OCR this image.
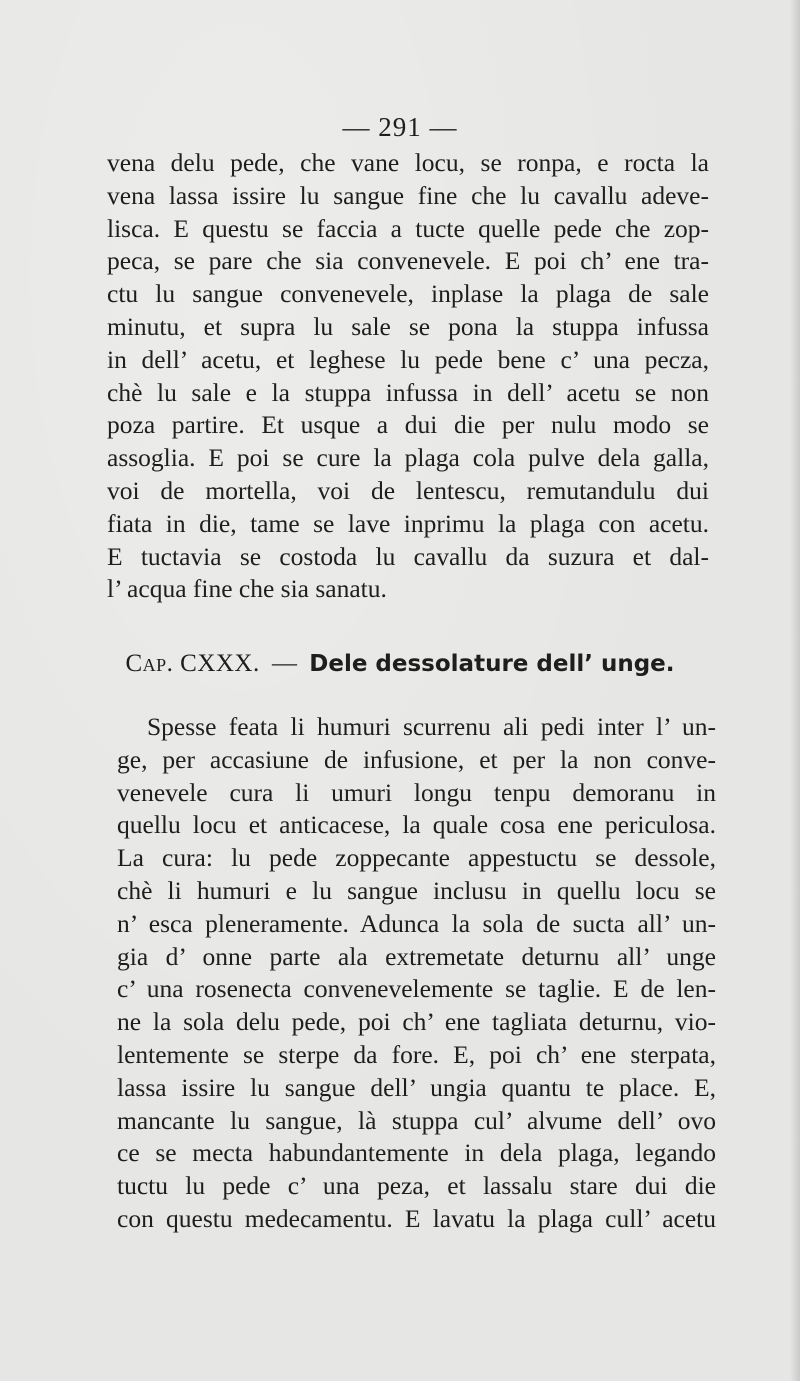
— 291 —
vena delu pede, che vane locu, se ronpa, e rocta la
vena lassa issire lu sangue fine che lu cavallu adeve-
lisca. E questu se faccia a tucte quelle pede che zop-
peca, se pare che sia convenevele. E poi ch’ ene tra-
ctu lu sangue convenevele, inplase la plaga de sale
minutu, et supra lu sale se pona la stuppa infussa
in dell’ acetu, et leghese lu pede bene c’ una pecza,
chè lu sale e la stuppa infussa in dell’ acetu se non
poza partire. Et usque a dui die per nulu modo se
assoglia. E poi se cure la plaga cola pulve dela galla,
voi de mortella, voi de lentescu, remutandulu dui
fiata in die, tame se lave inprimu la plaga con acetu.
E tuctavia se costoda lu cavallu da suzura et dal-
l’ acqua fine che sia sanatu.
Cap. CXXX. — Dele dessolature dell’ unge.
Spesse feata li humuri scurrenu ali pedi inter l’ un-
ge, per accasiune de infusione, et per la non conve-
venevele cura li umuri longu tenpu demoranu in
quellu locu et anticacese, la quale cosa ene periculosa.
La cura: lu pede zoppecante appestuctu se dessole,
chè li humuri e lu sangue inclusu in quellu locu se
n’ esca pleneramente. Adunca la sola de sucta all’ un-
gia d’ onne parte ala extremetate deturnu all’ unge
c’ una rosenecta convenevelemente se taglie. E de len-
ne la sola delu pede, poi ch’ ene tagliata deturnu, vio-
lentemente se sterpe da fore. E, poi ch’ ene sterpata,
lassa issire lu sangue dell’ ungia quantu te place. E,
mancante lu sangue, là stuppa cul’ alvume dell’ ovo
ce se mecta habundantemente in dela plaga, legando
tuctu lu pede c’ una peza, et lassalu stare dui die
con questu medecamentu. E lavatu la plaga cull’ acetu
